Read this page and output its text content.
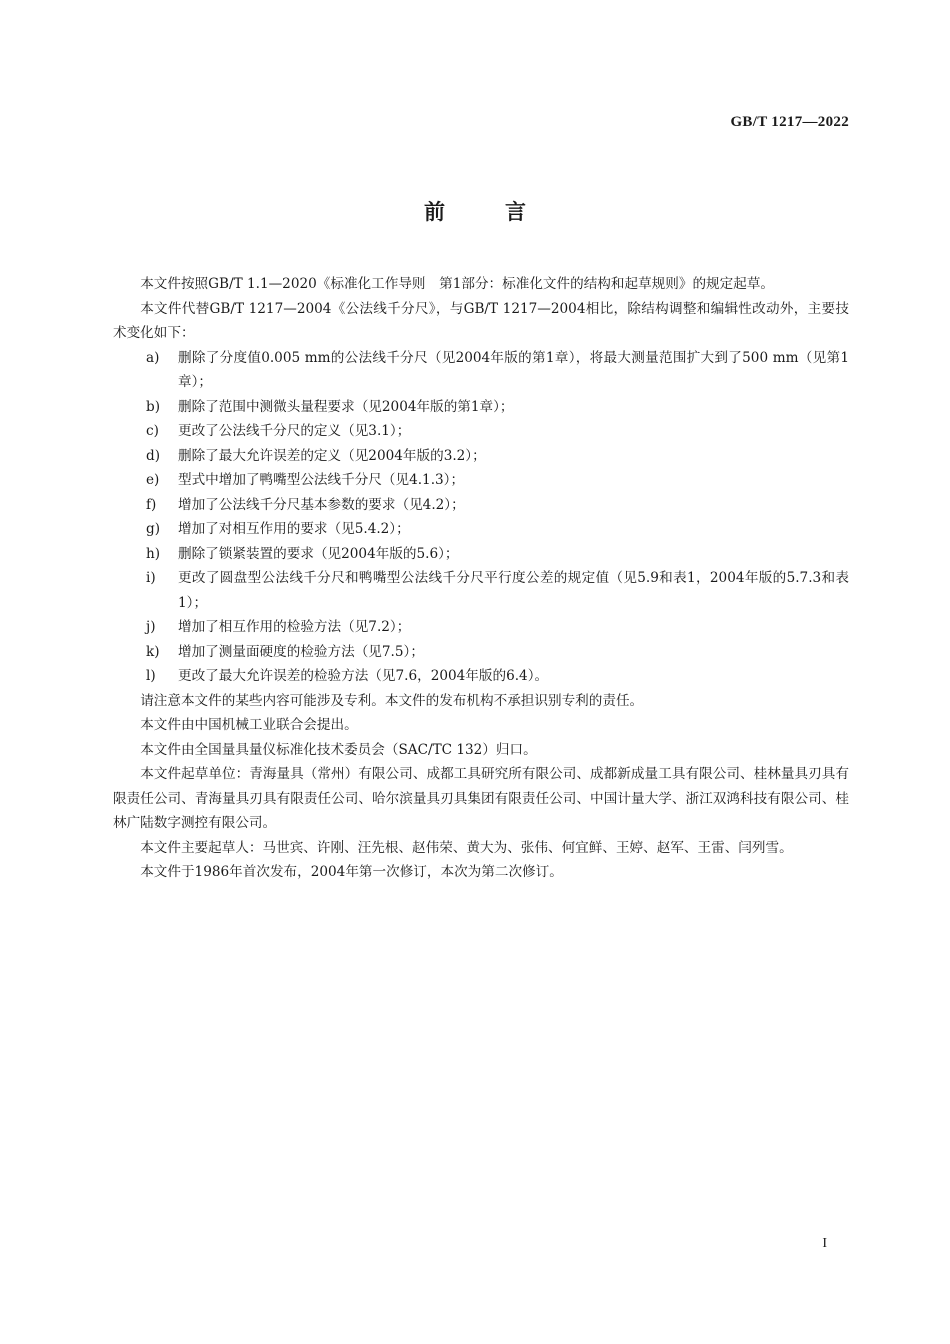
GB/T 1217—2022
前	言

本文件按照GB/T 1.1—2020《标准化工作导则　第1部分：标准化文件的结构和起草规则》的规定起草。

本文件代替GB/T 1217—2004《公法线千分尺》，与GB/T 1217—2004相比，除结构调整和编辑性改动外，主要技术变化如下：

a) 删除了分度值0.005 mm的公法线千分尺（见2004年版的第1章），将最大测量范围扩大到了500 mm（见第1章）；
b) 删除了范围中测微头量程要求（见2004年版的第1章）；
c) 更改了公法线千分尺的定义（见3.1）；
d) 删除了最大允许误差的定义（见2004年版的3.2）；
e) 型式中增加了鸭嘴型公法线千分尺（见4.1.3）；
f) 增加了公法线千分尺基本参数的要求（见4.2）；
g) 增加了对相互作用的要求（见5.4.2）；
h) 删除了锁紧装置的要求（见2004年版的5.6）；
i) 更改了圆盘型公法线千分尺和鸭嘴型公法线千分尺平行度公差的规定值（见5.9和表1，2004年版的5.7.3和表1）；
j) 增加了相互作用的检验方法（见7.2）；
k) 增加了测量面硬度的检验方法（见7.5）；
l) 更改了最大允许误差的检验方法（见7.6，2004年版的6.4）。

请注意本文件的某些内容可能涉及专利。本文件的发布机构不承担识别专利的责任。

本文件由中国机械工业联合会提出。

本文件由全国量具量仪标准化技术委员会（SAC/TC 132）归口。

本文件起草单位：青海量具（常州）有限公司、成都工具研究所有限公司、成都新成量工具有限公司、桂林量具刃具有限责任公司、青海量具刃具有限责任公司、哈尔滨量具刃具集团有限责任公司、中国计量大学、浙江双鸿科技有限公司、桂林广陆数字测控有限公司。

本文件主要起草人：马世宾、许刚、汪先根、赵伟荣、黄大为、张伟、何宜鲜、王婷、赵军、王雷、闫列雪。

本文件于1986年首次发布，2004年第一次修订，本次为第二次修订。

I
